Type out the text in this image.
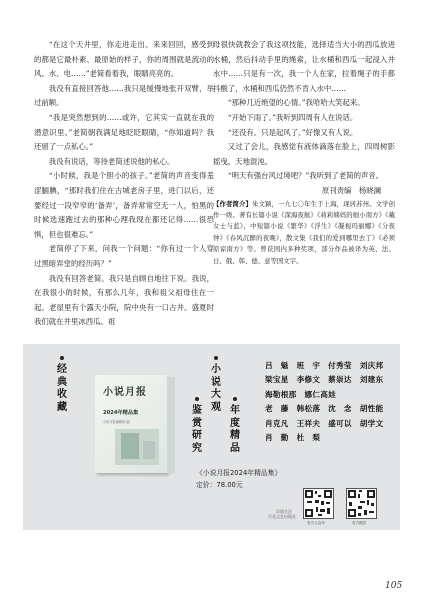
“在这个天井里，你走进走出、来来回回，感受到的都是它最朴素、最原始的样子，你的周围就是流动的风、水、电……”老简看着我，眼睛亮亮的。

我没有直接回答他……我只是缓慢地张开双臂，举过前额。

“我是突然想到的……或许，它其实一直就在我的潜意识里。”老简朝我满足地眨眨眼睛，“你知道吗？我还留了一点私心。”

我没有说话，等待老简述说他的私心。

“小时候，我是个胆小的孩子。”老简的声音变得羞涩腼腆，“那时我们住在古城老房子里，进门以后，还要经过一段窄窄的‘备弄’，备弄常常空无一人，怕黑的时候选速跑过去的那种心理我现在都还记得……很恐惧，但也很难忘。”

老简停了下来，问我一个问题：“你有过一个人穿过黑暗弄堂的经历吗？”

我没有回答老简。我只是自顾自地往下说。我说，在我很小的时候，有那么几年，我和祖父祖母住在一起。老屋里有个露天小院，院中央有一口古井。盛夏时我们就在井里冰西瓜。祖

母很快就教会了我这项技能，选择适当大小的西瓜放进水桶，然后抖动手里的绳索，让水桶和西瓜一起浸入井水中……只是有一次，我一个人在家，拉着绳子的手都抖酸了，水桶和西瓜仍然不肯入水中……

“那种几近绝望的心情。”我哈哈大笑起来。

“开始下雨了。”我听到四周有人在说话。

“还没有。只是起风了。”好像又有人说。

又过了会儿，我感觉有液体滴落在脸上，四周树影摇曳，天地混沌。

“明天有强台风过境吧？”我听到了老简的声音。

原刊责编　杨晓澜

【作者简介】朱文颖，一九七〇年生于上海，现居苏州。文学创作一级。著有长篇小说《深海夜航》《莉莉姨妈的细小南方》《戴女士与蓝》，中短篇小说《繁华》《浮生》《凝视玛丽娜》《分夜钟》《春风沉醉的夜晚》，散文集《我们的爱到哪里去了》《必须原谅南方》等。曾获国内多种奖项，部分作品被译为英、法、日、俄、韩、德、意等国文字。

经典收藏	鉴赏研究
小说大观 年度精品
吕　魁　班　宇　付秀莹　刘庆邦
梁宝星　李修文　蔡崇达　刘建东
海勒根那　娜仁高娃
老　藤　韩松落　沈　念　胡性能
肖克凡　王祥夫　盛可以　胡学文
肖　勤　杜　梨
小说月报
2024年精品集
小说月报编辑部 编
《小说月报2024年精品集》
定价：78.00元
详情关注
百花文艺出版社：
官方公众号	官方微店
105
